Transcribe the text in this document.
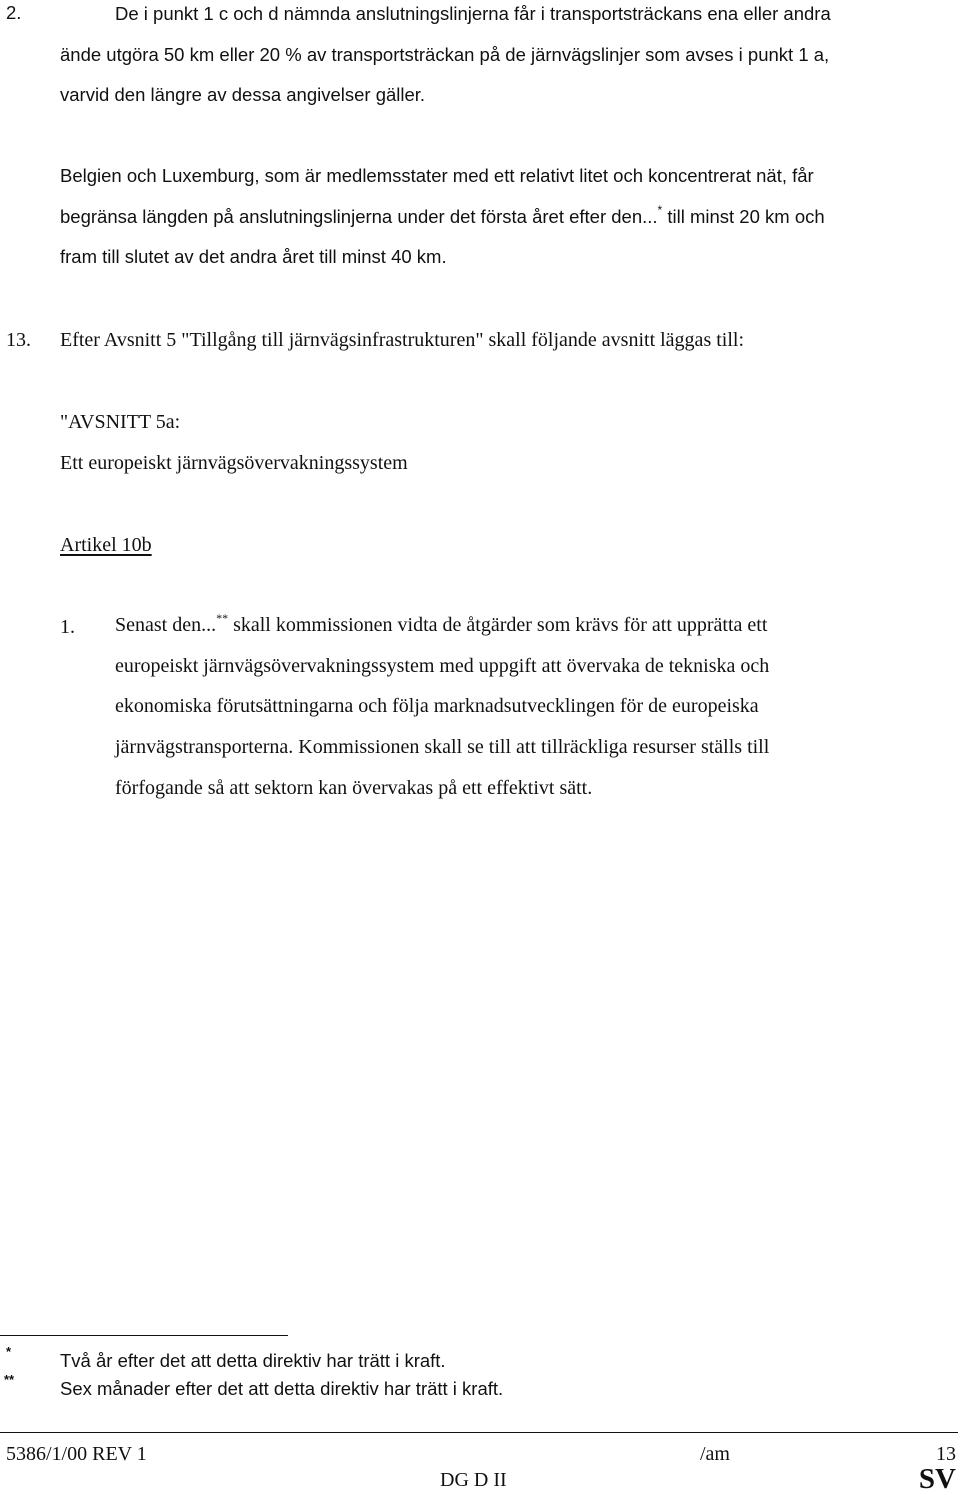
2.	De i punkt 1 c och d nämnda anslutningslinjerna får i transportsträckans ena eller andra
ände utgöra 50 km eller 20 % av transportsträckan på de järnvägslinjer som avses i punkt 1 a,
varvid den längre av dessa angivelser gäller.
Belgien och Luxemburg, som är medlemsstater med ett relativt litet och koncentrerat nät, får
begränsa längden på anslutningslinjerna under det första året efter den...* till minst 20 km och
fram till slutet av det andra året till minst 40 km.
13. Efter Avsnitt 5 "Tillgång till järnvägsinfrastrukturen" skall följande avsnitt läggas till:
"AVSNITT 5a:
Ett europeiskt järnvägsövervakningssystem
Artikel 10b
1. Senast den...** skall kommissionen vidta de åtgärder som krävs för att upprätta ett
europeiskt järnvägsövervakningssystem med uppgift att övervaka de tekniska och
ekonomiska förutsättningarna och följa marknadsutvecklingen för de europeiska
järnvägstransporterna. Kommissionen skall se till att tillräckliga resurser ställs till
förfogande så att sektorn kan övervakas på ett effektivt sätt.
*	Två år efter det att detta direktiv har trätt i kraft.
** Sex månader efter det att detta direktiv har trätt i kraft.
5386/1/00 REV 1	/am	13
DG D II	SV
